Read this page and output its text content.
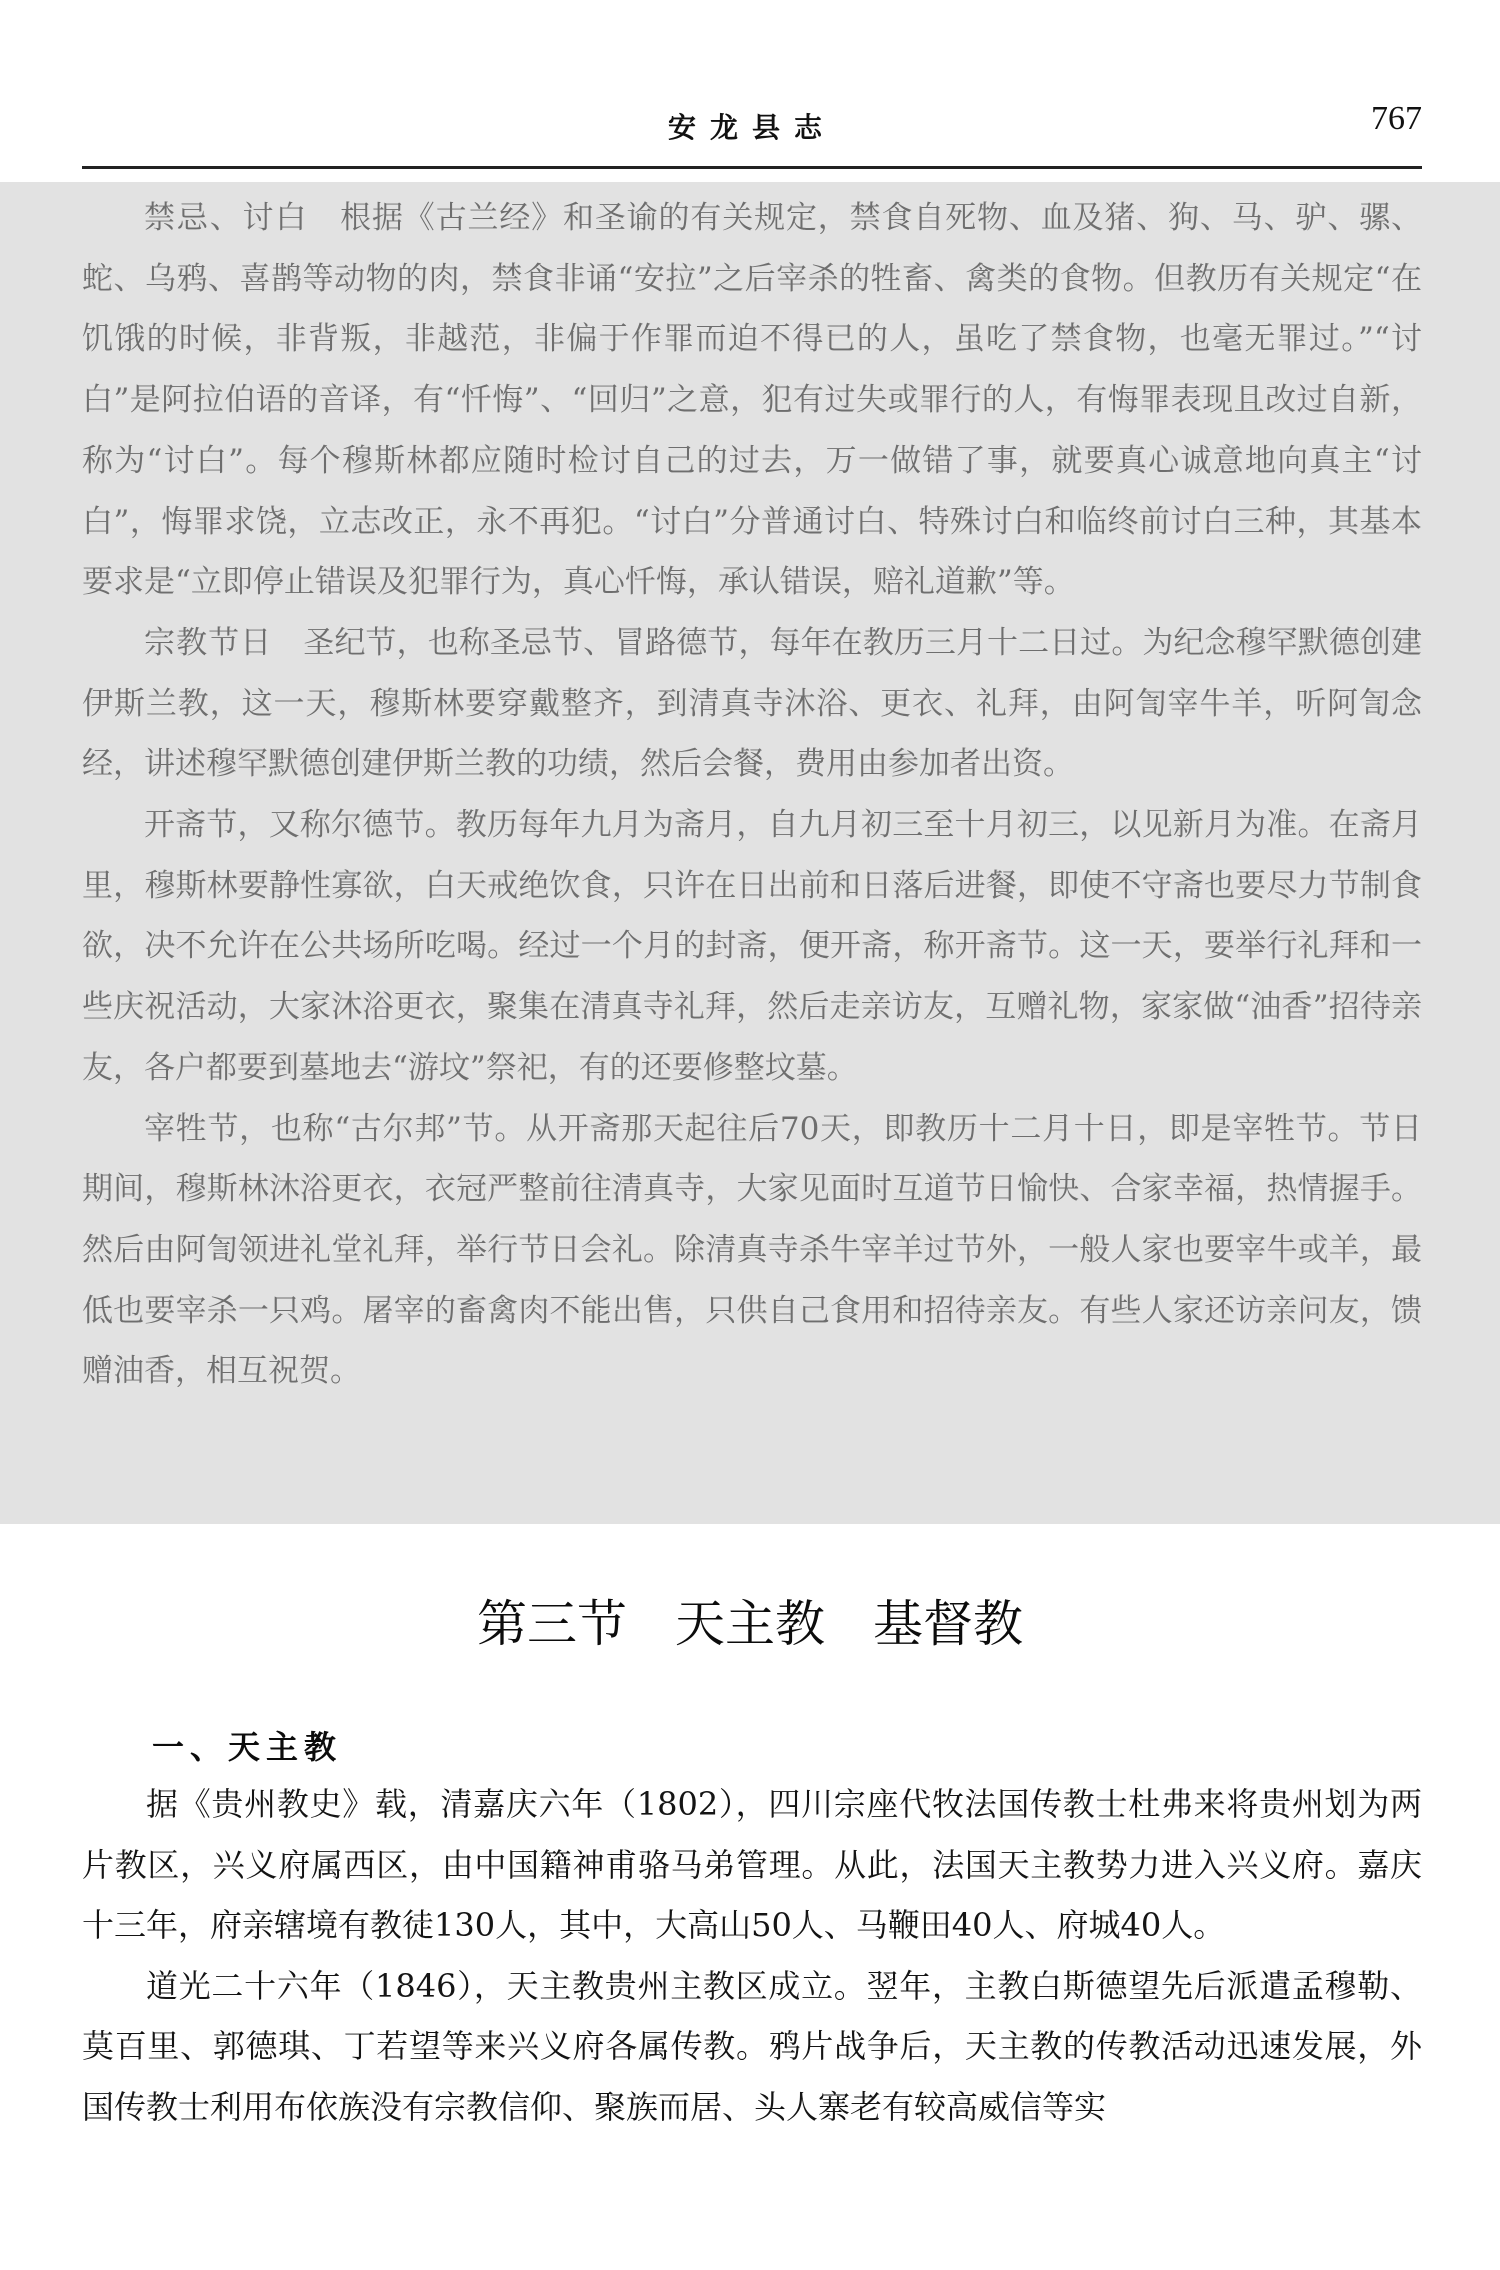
安龙县志	767

禁忌、讨白　 根据《古兰经》和圣谕的有关规定，禁食自死物、血及猪、狗、马、驴、骡、蛇、乌鸦、喜鹊等动物的肉，禁食非诵“安拉”之后宰杀的牲畜、禽类的食物。但教历有关规定“在饥饿的时候，非背叛，非越范，非偏于作罪而迫不得已的人，虽吃了禁食物，也毫无罪过。”“讨白”是阿拉伯语的音译，有“忏悔”、“回归”之意，犯有过失或罪行的人，有悔罪表现且改过自新，称为“讨白”。每个穆斯林都应随时检讨自己的过去，万一做错了事，就要真心诚意地向真主“讨白”，悔罪求饶，立志改正，永不再犯。“讨白”分普通讨白、特殊讨白和临终前讨白三种，其基本要求是“立即停止错误及犯罪行为，真心忏悔，承认错误，赔礼道歉”等。

宗教节日　 圣纪节，也称圣忌节、冒路德节，每年在教历三月十二日过。为纪念穆罕默德创建伊斯兰教，这一天，穆斯林要穿戴整齐，到清真寺沐浴、更衣、礼拜，由阿訇宰牛羊，听阿訇念经，讲述穆罕默德创建伊斯兰教的功绩，然后会餐，费用由参加者出资。

开斋节，又称尔德节。教历每年九月为斋月，自九月初三至十月初三，以见新月为准。在斋月里，穆斯林要静性寡欲，白天戒绝饮食，只许在日出前和日落后进餐，即使不守斋也要尽力节制食欲，决不允许在公共场所吃喝。经过一个月的封斋，便开斋，称开斋节。这一天，要举行礼拜和一些庆祝活动，大家沐浴更衣，聚集在清真寺礼拜，然后走亲访友，互赠礼物，家家做“油香”招待亲友，各户都要到墓地去“游坟”祭祀，有的还要修整坟墓。

宰牲节，也称“古尔邦”节。从开斋那天起往后70天，即教历十二月十日，即是宰牲节。节日期间，穆斯林沐浴更衣，衣冠严整前往清真寺，大家见面时互道节日愉快、合家幸福，热情握手。然后由阿訇领进礼堂礼拜，举行节日会礼。除清真寺杀牛宰羊过节外，一般人家也要宰牛或羊，最低也要宰杀一只鸡。屠宰的畜禽肉不能出售，只供自己食用和招待亲友。有些人家还访亲问友，馈赠油香，相互祝贺。

第三节 天主教 基督教
一、天主教

据《贵州教史》载，清嘉庆六年（1802），四川宗座代牧法国传教士杜弗来将贵州划为两片教区，兴义府属西区，由中国籍神甫骆马弟管理。从此，法国天主教势力进入兴义府。嘉庆十三年，府亲辖境有教徒130人，其中，大高山50人、马鞭田40人、府城40人。

道光二十六年（1846），天主教贵州主教区成立。翌年，主教白斯德望先后派遣孟穆勒、莫百里、郭德琪、丁若望等来兴义府各属传教。鸦片战争后，天主教的传教活动迅速发展，外国传教士利用布依族没有宗教信仰、聚族而居、头人寨老有较高威信等实
